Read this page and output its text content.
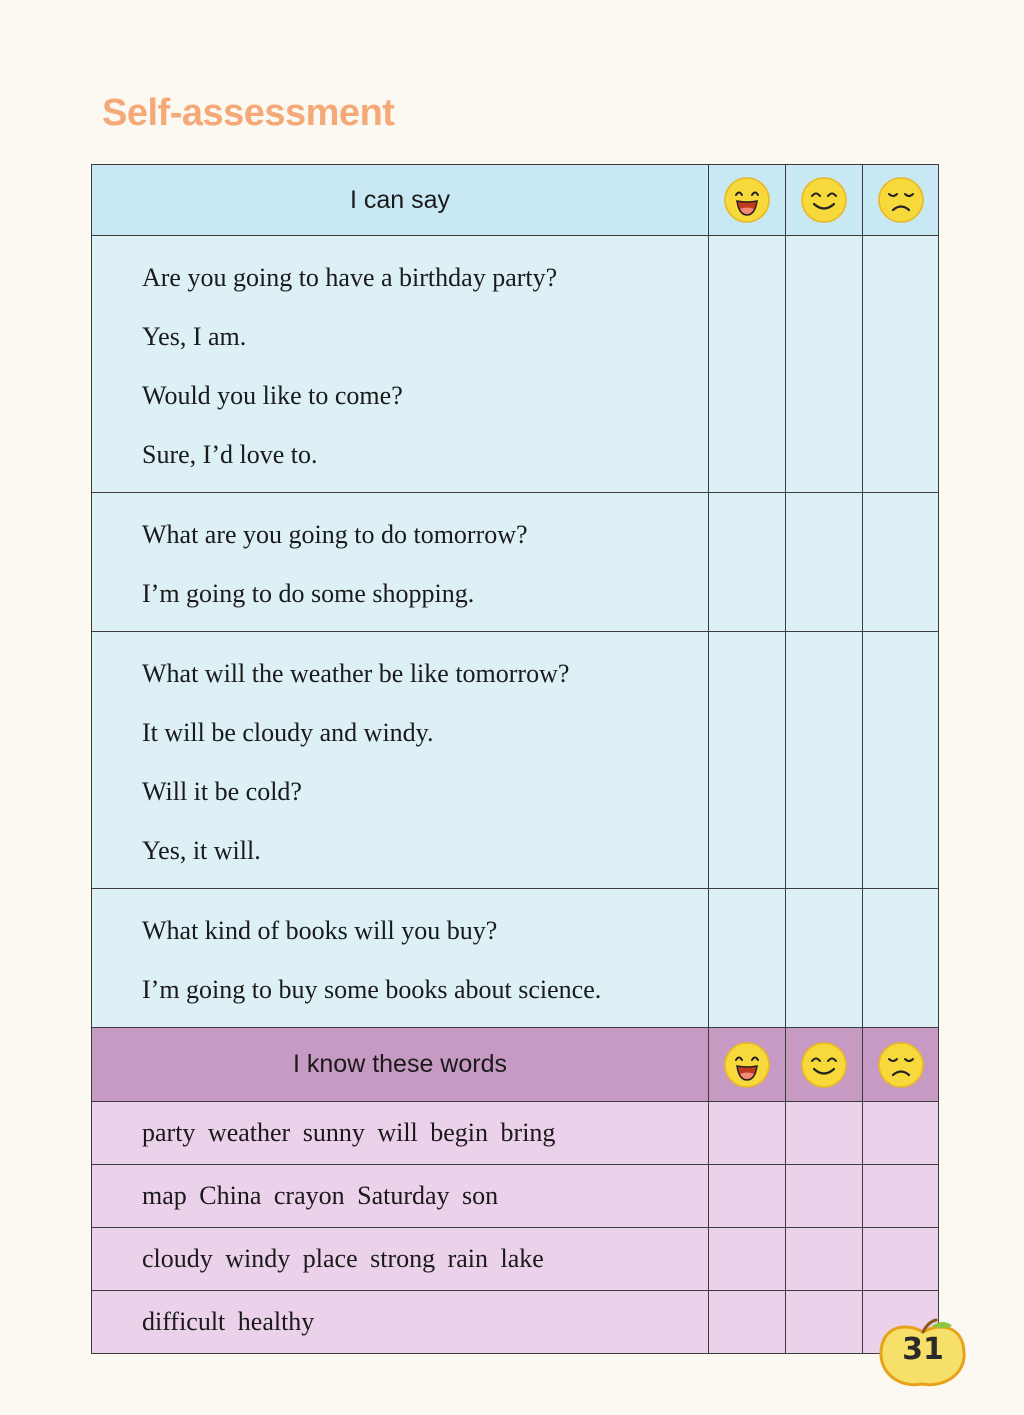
Self-assessment
I can say

Are you going to have a birthday party?
Yes, I am.
Would you like to come?
Sure, I’d love to.			

What are you going to do tomorrow?
I’m going to do some shopping.			

What will the weather be like tomorrow?
It will be cloudy and windy.
Will it be cold?
Yes, it will.			

What kind of books will you buy?
I’m going to buy some books about science.			

I know these words

party weather sunny will begin bring			

map China crayon Saturday son			

cloudy windy place strong rain lake			

difficult healthy			

31
